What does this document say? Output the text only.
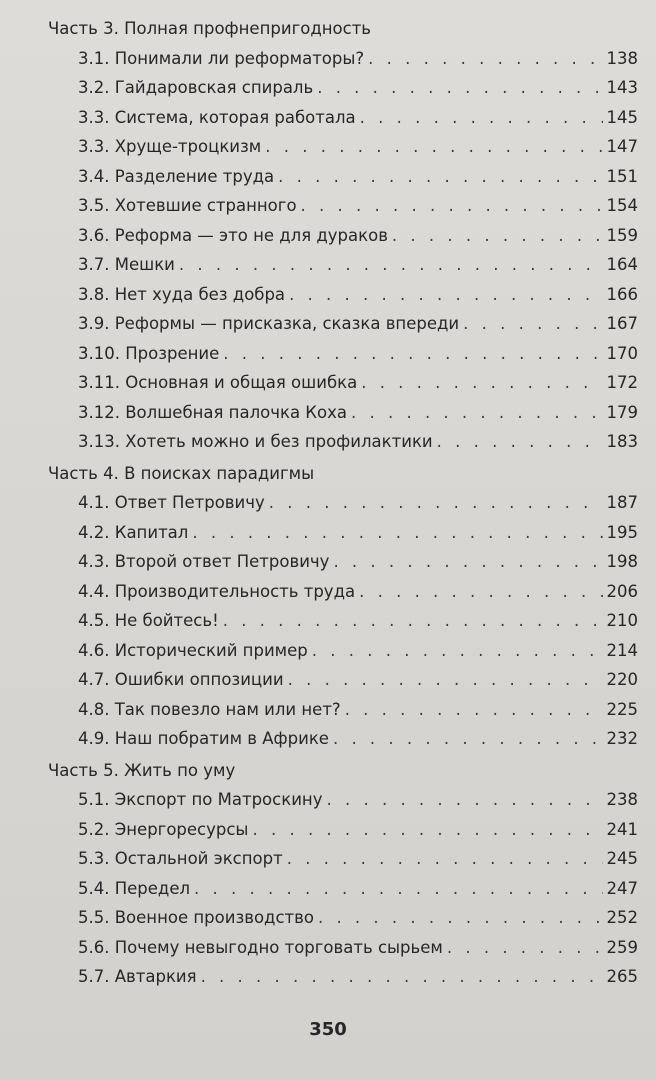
Часть 3. Полная профнепригодность
3.1. Понимали ли реформаторы? . . .	138
3.2. Гайдаровская спираль . . .	143
3.3. Система, которая работала . . .	145
3.3. Хруще-троцкизм . . .	147
3.4. Разделение труда . . .	151
3.5. Хотевшие странного . . .	154
3.6. Реформа — это не для дураков . . .	159
3.7. Мешки . . .	164
3.8. Нет худа без добра . . .	166
3.9. Реформы — присказка, сказка впереди . . .	167
3.10. Прозрение . . .	170
3.11. Основная и общая ошибка . . .	172
3.12. Волшебная палочка Коха . . .	179
3.13. Хотеть можно и без профилактики . . .	183
Часть 4. В поисках парадигмы
4.1. Ответ Петровичу . . .	187
4.2. Капитал . . .	195
4.3. Второй ответ Петровичу . . .	198
4.4. Производительность труда . . .	206
4.5. Не бойтесь! . . .	210
4.6. Исторический пример . . .	214
4.7. Ошибки оппозиции . . .	220
4.8. Так повезло нам или нет? . . .	225
4.9. Наш побратим в Африке . . .	232
Часть 5. Жить по уму
5.1. Экспорт по Матроскину . . .	238
5.2. Энергоресурсы . . .	241
5.3. Остальной экспорт . . .	245
5.4. Передел . . .	247
5.5. Военное производство . . .	252
5.6. Почему невыгодно торговать сырьем . . .	259
5.7. Автаркия . . .	265
350
